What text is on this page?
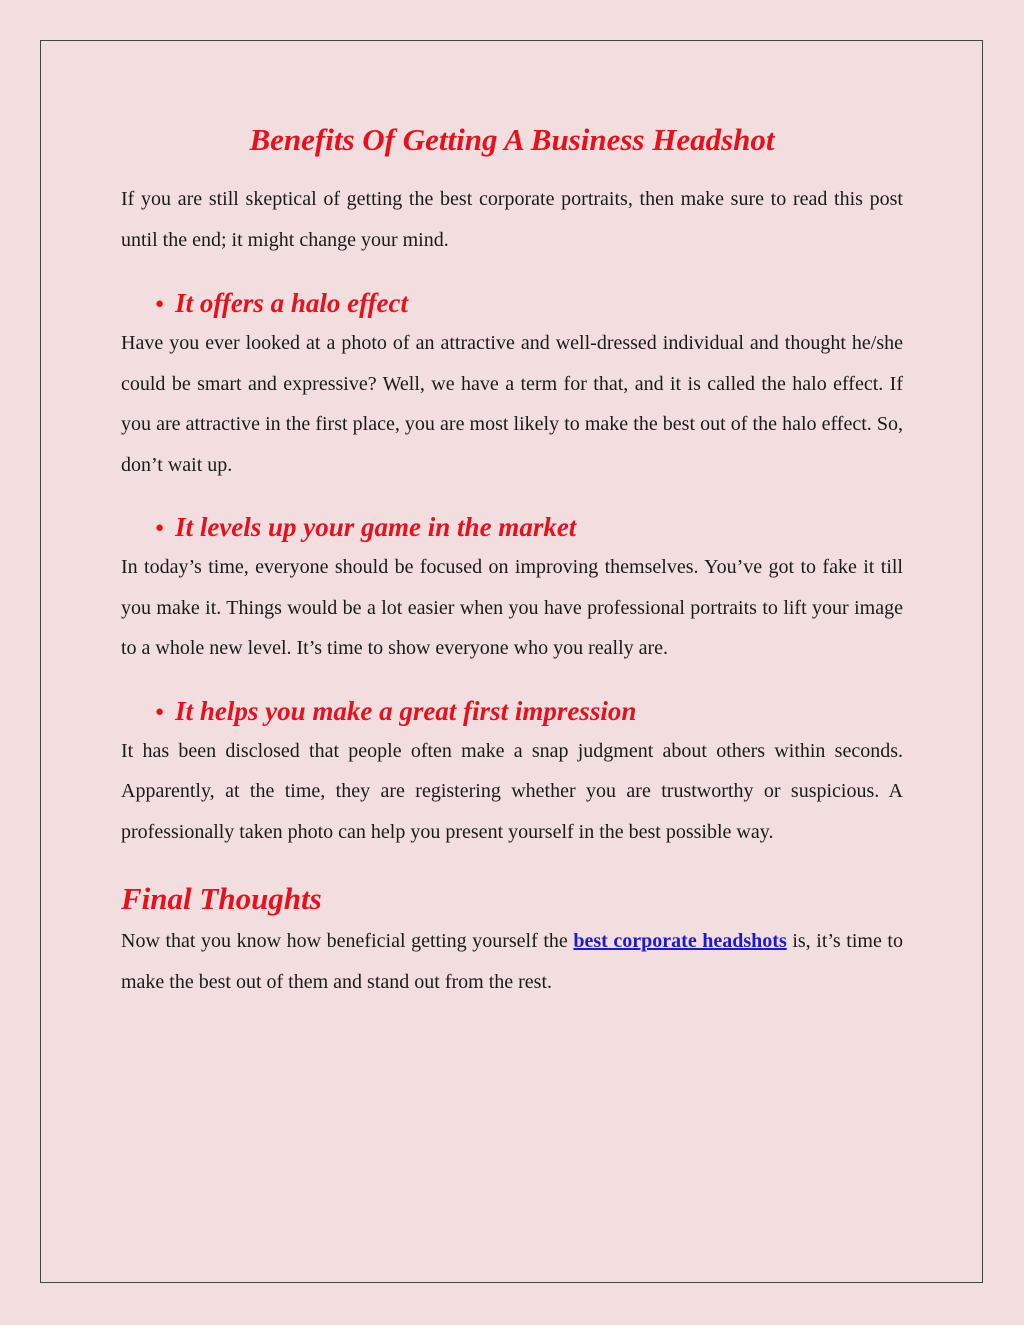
Benefits Of Getting A Business Headshot

If you are still skeptical of getting the best corporate portraits, then make sure to read this post until the end; it might change your mind.

● It offers a halo effect

Have you ever looked at a photo of an attractive and well-dressed individual and thought he/she could be smart and expressive? Well, we have a term for that, and it is called the halo effect. If you are attractive in the first place, you are most likely to make the best out of the halo effect. So, don’t wait up.

● It levels up your game in the market

In today’s time, everyone should be focused on improving themselves. You’ve got to fake it till you make it. Things would be a lot easier when you have professional portraits to lift your image to a whole new level. It’s time to show everyone who you really are.

● It helps you make a great first impression

It has been disclosed that people often make a snap judgment about others within seconds. Apparently, at the time, they are registering whether you are trustworthy or suspicious. A professionally taken photo can help you present yourself in the best possible way.

Final Thoughts

Now that you know how beneficial getting yourself the best corporate headshots is, it’s time to make the best out of them and stand out from the rest.
